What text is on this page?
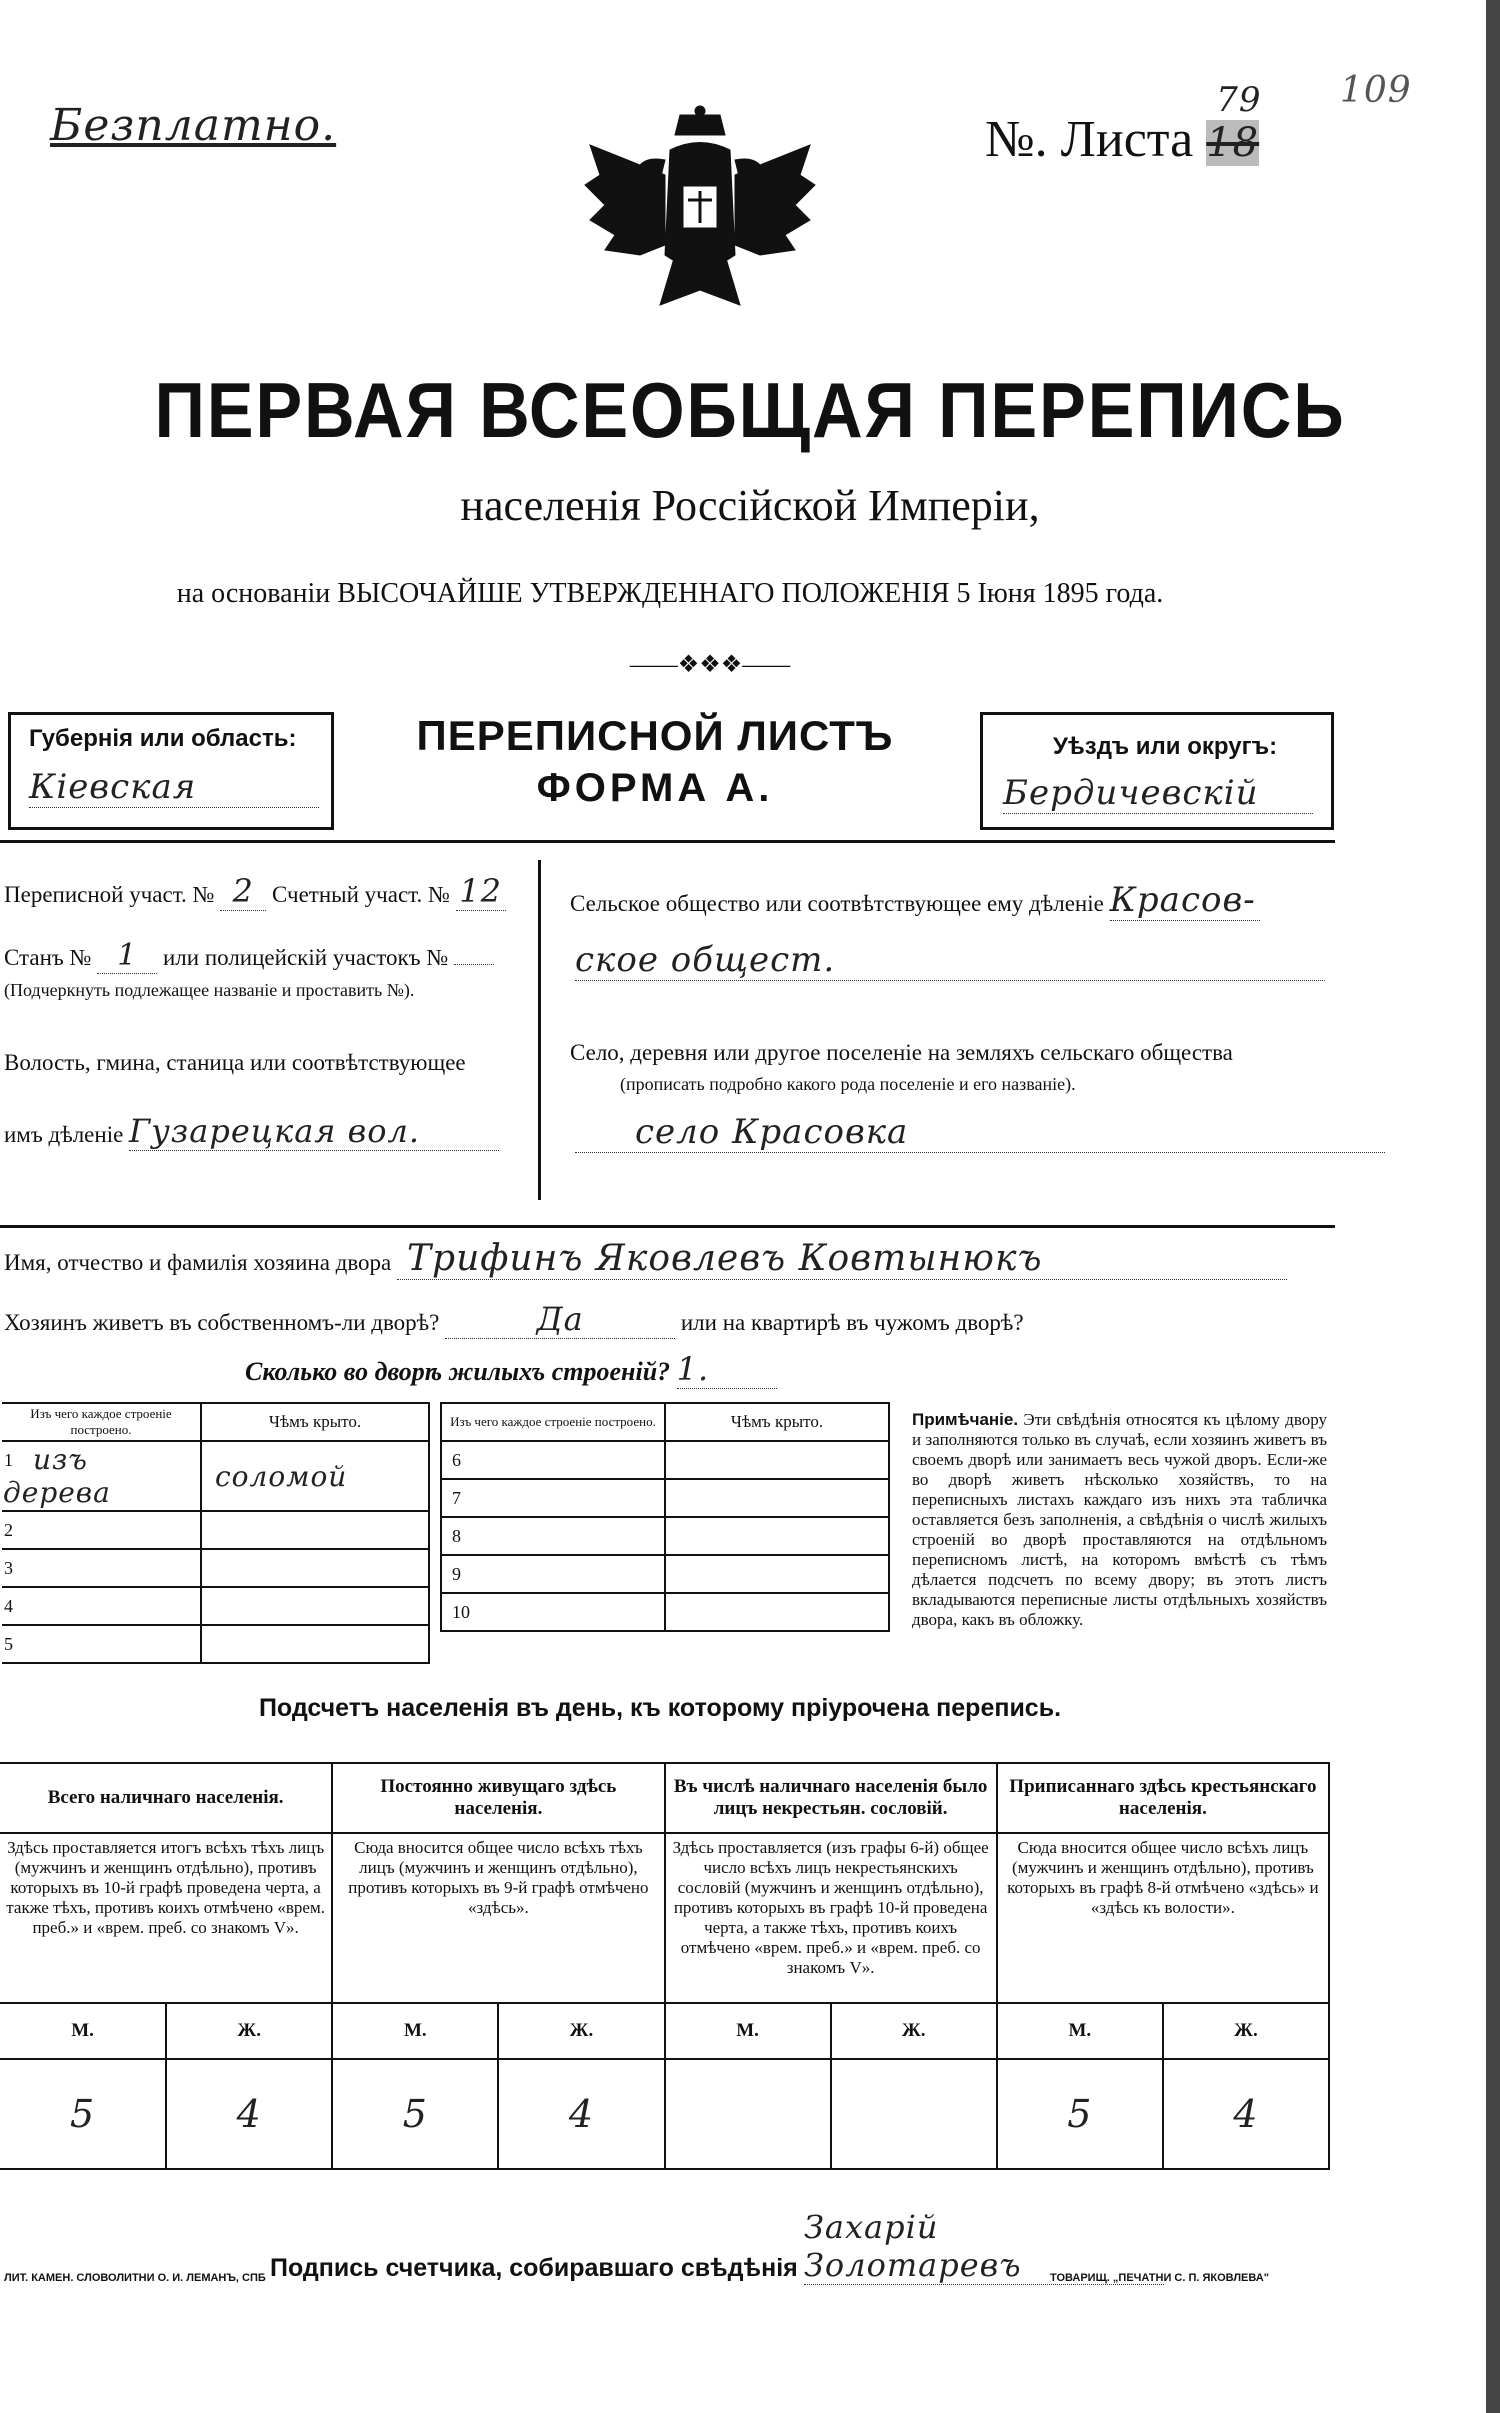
Безплатно.	№. Листа
79
18
109
ПЕРВАЯ ВСЕОБЩАЯ ПЕРЕПИСЬ
населенія Россійской Имперіи,
на основаніи ВЫСОЧАЙШЕ УТВЕРЖДЕННАГО ПОЛОЖЕНІЯ 5 Іюня 1895 года.
——❖❖❖——
Губернія или область:
Кіевская
ПЕРЕПИСНОЙ ЛИСТЪ
ФОРМА А.
Уѣздъ или округъ:
Бердичевскій
Переписной участ. № 2 Счетный участ. № 12
Станъ № 1 или полицейскій участокъ №
(Подчеркнуть подлежащее названіе и проставить №).
Волость, гмина, станица или соотвѣтствующее
имъ дѣленіе Гузарецкая вол.
Сельское общество или соотвѣтствующее ему дѣленіе Красов-
ское общест.
Село, деревня или другое поселеніе на земляхъ сельскаго общества
(прописать подробно какого рода поселеніе и его названіе).
село Красовка
Имя, отчество и фамилія хозяина двора Трифинъ Яковлевъ Ковтынюкъ
Хозяинъ живетъ въ собственномъ-ли дворѣ?	Да	или на квартирѣ въ чужомъ дворѣ?
Сколько во дворѣ жилыхъ строеній? 1.
Изъ чего каждое строеніе построено.	Чѣмъ крыто.

1 изъ дерева	соломой

2	

3	

4	

5	

Изъ чего каждое строеніе построено.	Чѣмъ крыто.

6	

7	

8	

9	

10	

Примѣчаніе. Эти свѣдѣнія относятся къ цѣлому двору и заполняются только въ случаѣ, если хозяинъ живетъ въ своемъ дворѣ или занимаетъ весь чужой дворъ. Если-же во дворѣ живетъ нѣсколько хозяйствъ, то на переписныхъ листахъ каждаго изъ нихъ эта табличка оставляется безъ заполненія, а свѣдѣнія о числѣ жилыхъ строеній во дворѣ проставляются на отдѣльномъ переписномъ листѣ, на которомъ вмѣстѣ съ тѣмъ дѣлается подсчетъ по всему двору; въ этотъ листъ вкладываются переписные листы отдѣльныхъ хозяйствъ двора, какъ въ обложку.
Подсчетъ населенія въ день, къ которому пріурочена перепись.
Всего наличнаго населенія.		Постоянно живущаго здѣсь населенія.		Въ числѣ наличнаго населенія было лицъ некрестьян. сословій.		Приписаннаго здѣсь крестьянскаго населенія.	
Здѣсь проставляется итогъ всѣхъ тѣхъ лицъ (мужчинъ и женщинъ отдѣльно), противъ которыхъ въ 10-й графѣ проведена черта, а также тѣхъ, противъ коихъ отмѣчено «врем. преб.» и «врем. преб. со знакомъ V».		Сюда вносится общее число всѣхъ тѣхъ лицъ (мужчинъ и женщинъ отдѣльно), противъ которыхъ въ 9-й графѣ отмѣчено «здѣсь».		Здѣсь проставляется (изъ графы 6-й) общее число всѣхъ лицъ некрестьянскихъ сословій (мужчинъ и женщинъ отдѣльно), противъ которыхъ въ графѣ 10-й проведена черта, а также тѣхъ, противъ коихъ отмѣчено «врем. преб.» и «врем. преб. со знакомъ V».		Сюда вносится общее число всѣхъ лицъ (мужчинъ и женщинъ отдѣльно), противъ которыхъ въ графѣ 8-й отмѣчено «здѣсь» и «здѣсь къ волости».	
М.	Ж.	М.	Ж.	М.	Ж.	М.	Ж.
5	4	5	4			5	4
Подпись счетчика, собиравшаго свѣдѣнія Захарій Золотаревъ
ЛИТ. КАМЕН. СЛОВОЛИТНИ О. И. ЛЕМАНЪ, СПБ	ТОВАРИЩ. „ПЕЧАТНИ С. П. ЯКОВЛЕВА"
